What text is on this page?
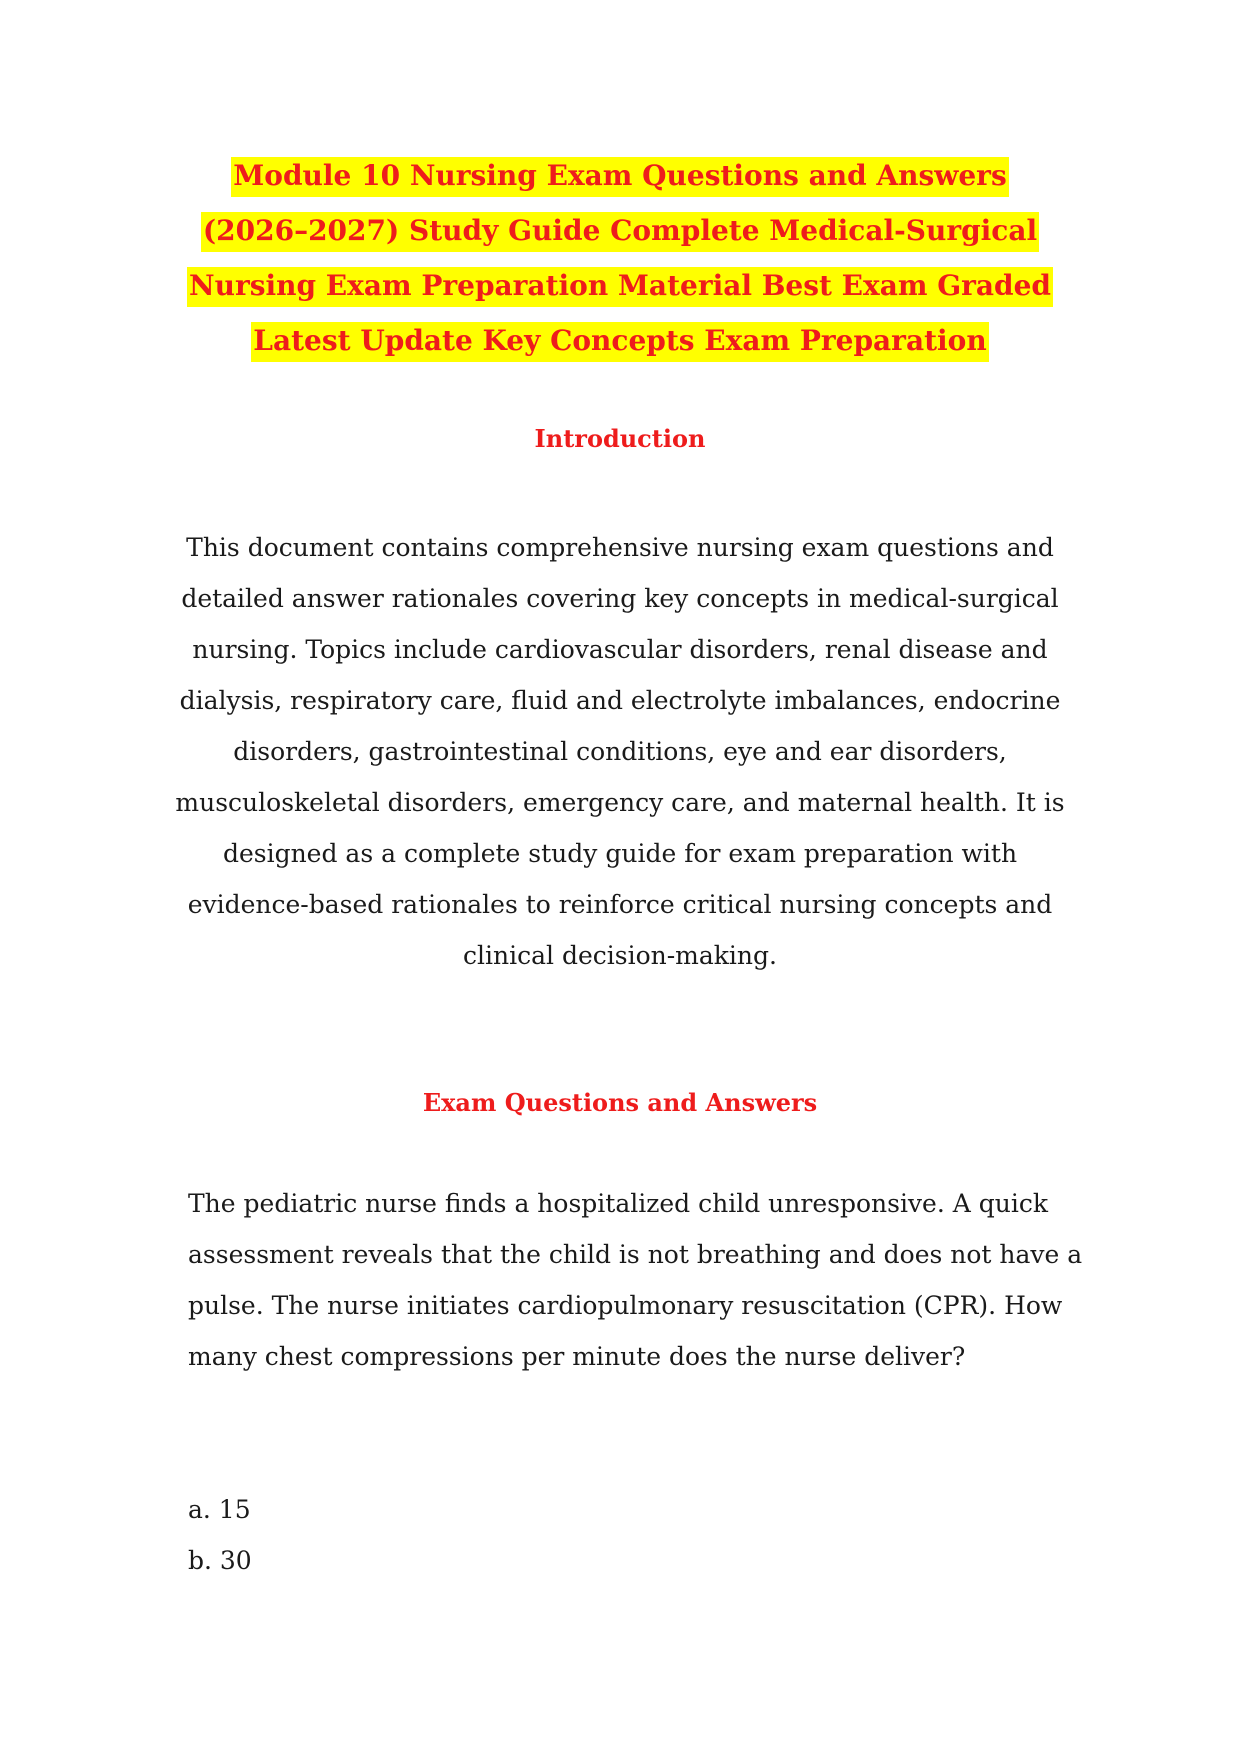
Module 10 Nursing Exam Questions and Answers
(2026–2027) Study Guide Complete Medical-Surgical
Nursing Exam Preparation Material Best Exam Graded
Latest Update Key Concepts Exam Preparation
Introduction

This document contains comprehensive nursing exam questions and detailed answer rationales covering key concepts in medical-surgical nursing. Topics include cardiovascular disorders, renal disease and dialysis, respiratory care, fluid and electrolyte imbalances, endocrine disorders, gastrointestinal conditions, eye and ear disorders, musculoskeletal disorders, emergency care, and maternal health. It is designed as a complete study guide for exam preparation with evidence-based rationales to reinforce critical nursing concepts and clinical decision-making.

Exam Questions and Answers

The pediatric nurse finds a hospitalized child unresponsive. A quick assessment reveals that the child is not breathing and does not have a pulse. The nurse initiates cardiopulmonary resuscitation (CPR). How many chest compressions per minute does the nurse deliver?

a. 15
b. 30
